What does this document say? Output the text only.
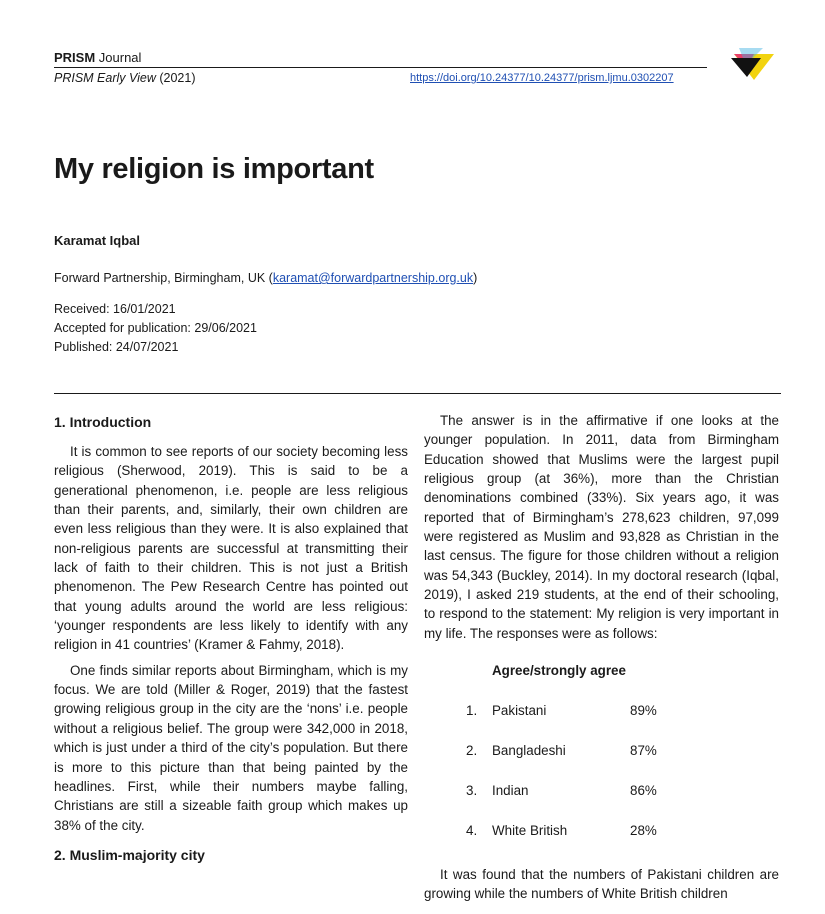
PRISM Journal
PRISM Early View (2021)	https://doi.org/10.24377/10.24377/prism.ljmu.0302207
My religion is important
Karamat Iqbal
Forward Partnership, Birmingham, UK (karamat@forwardpartnership.org.uk)
Received: 16/01/2021
Accepted for publication: 29/06/2021
Published: 24/07/2021
1. Introduction

It is common to see reports of our society becoming less religious (Sherwood, 2019). This is said to be a generational phenomenon, i.e. people are less religious than their parents, and, similarly, their own children are even less religious than they were. It is also explained that non-religious parents are successful at transmitting their lack of faith to their children. This is not just a British phenomenon. The Pew Research Centre has pointed out that young adults around the world are less religious: ‘younger respondents are less likely to identify with any religion in 41 countries’ (Kramer & Fahmy, 2018).

One finds similar reports about Birmingham, which is my focus. We are told (Miller & Roger, 2019) that the fastest growing religious group in the city are the ‘nons’ i.e. people without a religious belief. The group were 342,000 in 2018, which is just under a third of the city’s population. But there is more to this picture than that being painted by the headlines. First, while their numbers maybe falling, Christians are still a sizeable faith group which makes up 38% of the city.

2. Muslim-majority city

The answer is in the affirmative if one looks at the younger population. In 2011, data from Birmingham Education showed that Muslims were the largest pupil religious group (at 36%), more than the Christian denominations combined (33%). Six years ago, it was reported that of Birmingham’s 278,623 children, 97,099 were registered as Muslim and 93,828 as Christian in the last census. The figure for those children without a religion was 54,343 (Buckley, 2014). In my doctoral research (Iqbal, 2019), I asked 219 students, at the end of their schooling, to respond to the statement: My religion is very important in my life. The responses were as follows:

Agree/strongly agree
1. Pakistani	89%
2. Bangladeshi	87%
3. Indian	86%
4. White British	28%

It was found that the numbers of Pakistani children are growing while the numbers of White British children
